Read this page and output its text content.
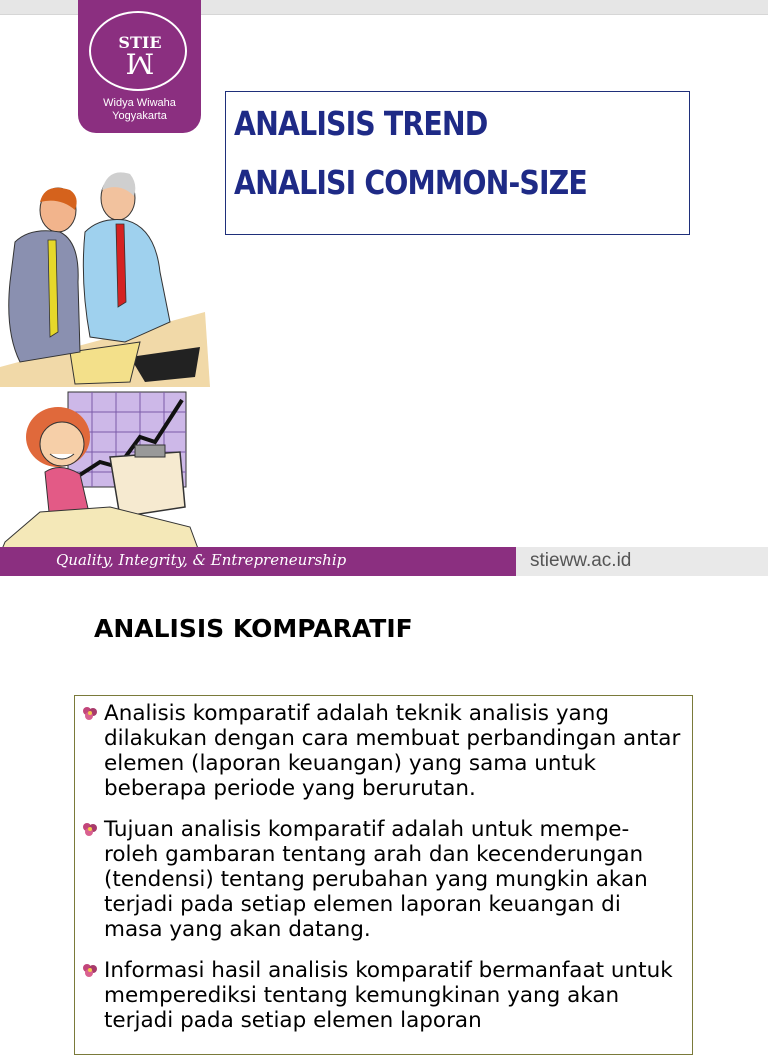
STIE
ꟽ
Widya Wiwaha
Yogyakarta	ANALISIS TREND
ANALISI COMMON-SIZE
Quality, Integrity, & Entrepreneurship	stieww.ac.id
ANALISIS KOMPARATIF
Analisis komparatif adalah teknik analisis yang dilakukan dengan cara membuat perbandingan antar elemen (laporan keuangan) yang sama untuk beberapa periode yang berurutan.
Tujuan analisis komparatif adalah untuk mempe-roleh gambaran tentang arah dan kecenderungan (tendensi) tentang perubahan yang mungkin akan terjadi pada setiap elemen laporan keuangan di masa yang akan datang.
Informasi hasil analisis komparatif bermanfaat untuk memperediksi tentang kemungkinan yang akan terjadi pada setiap elemen laporan
